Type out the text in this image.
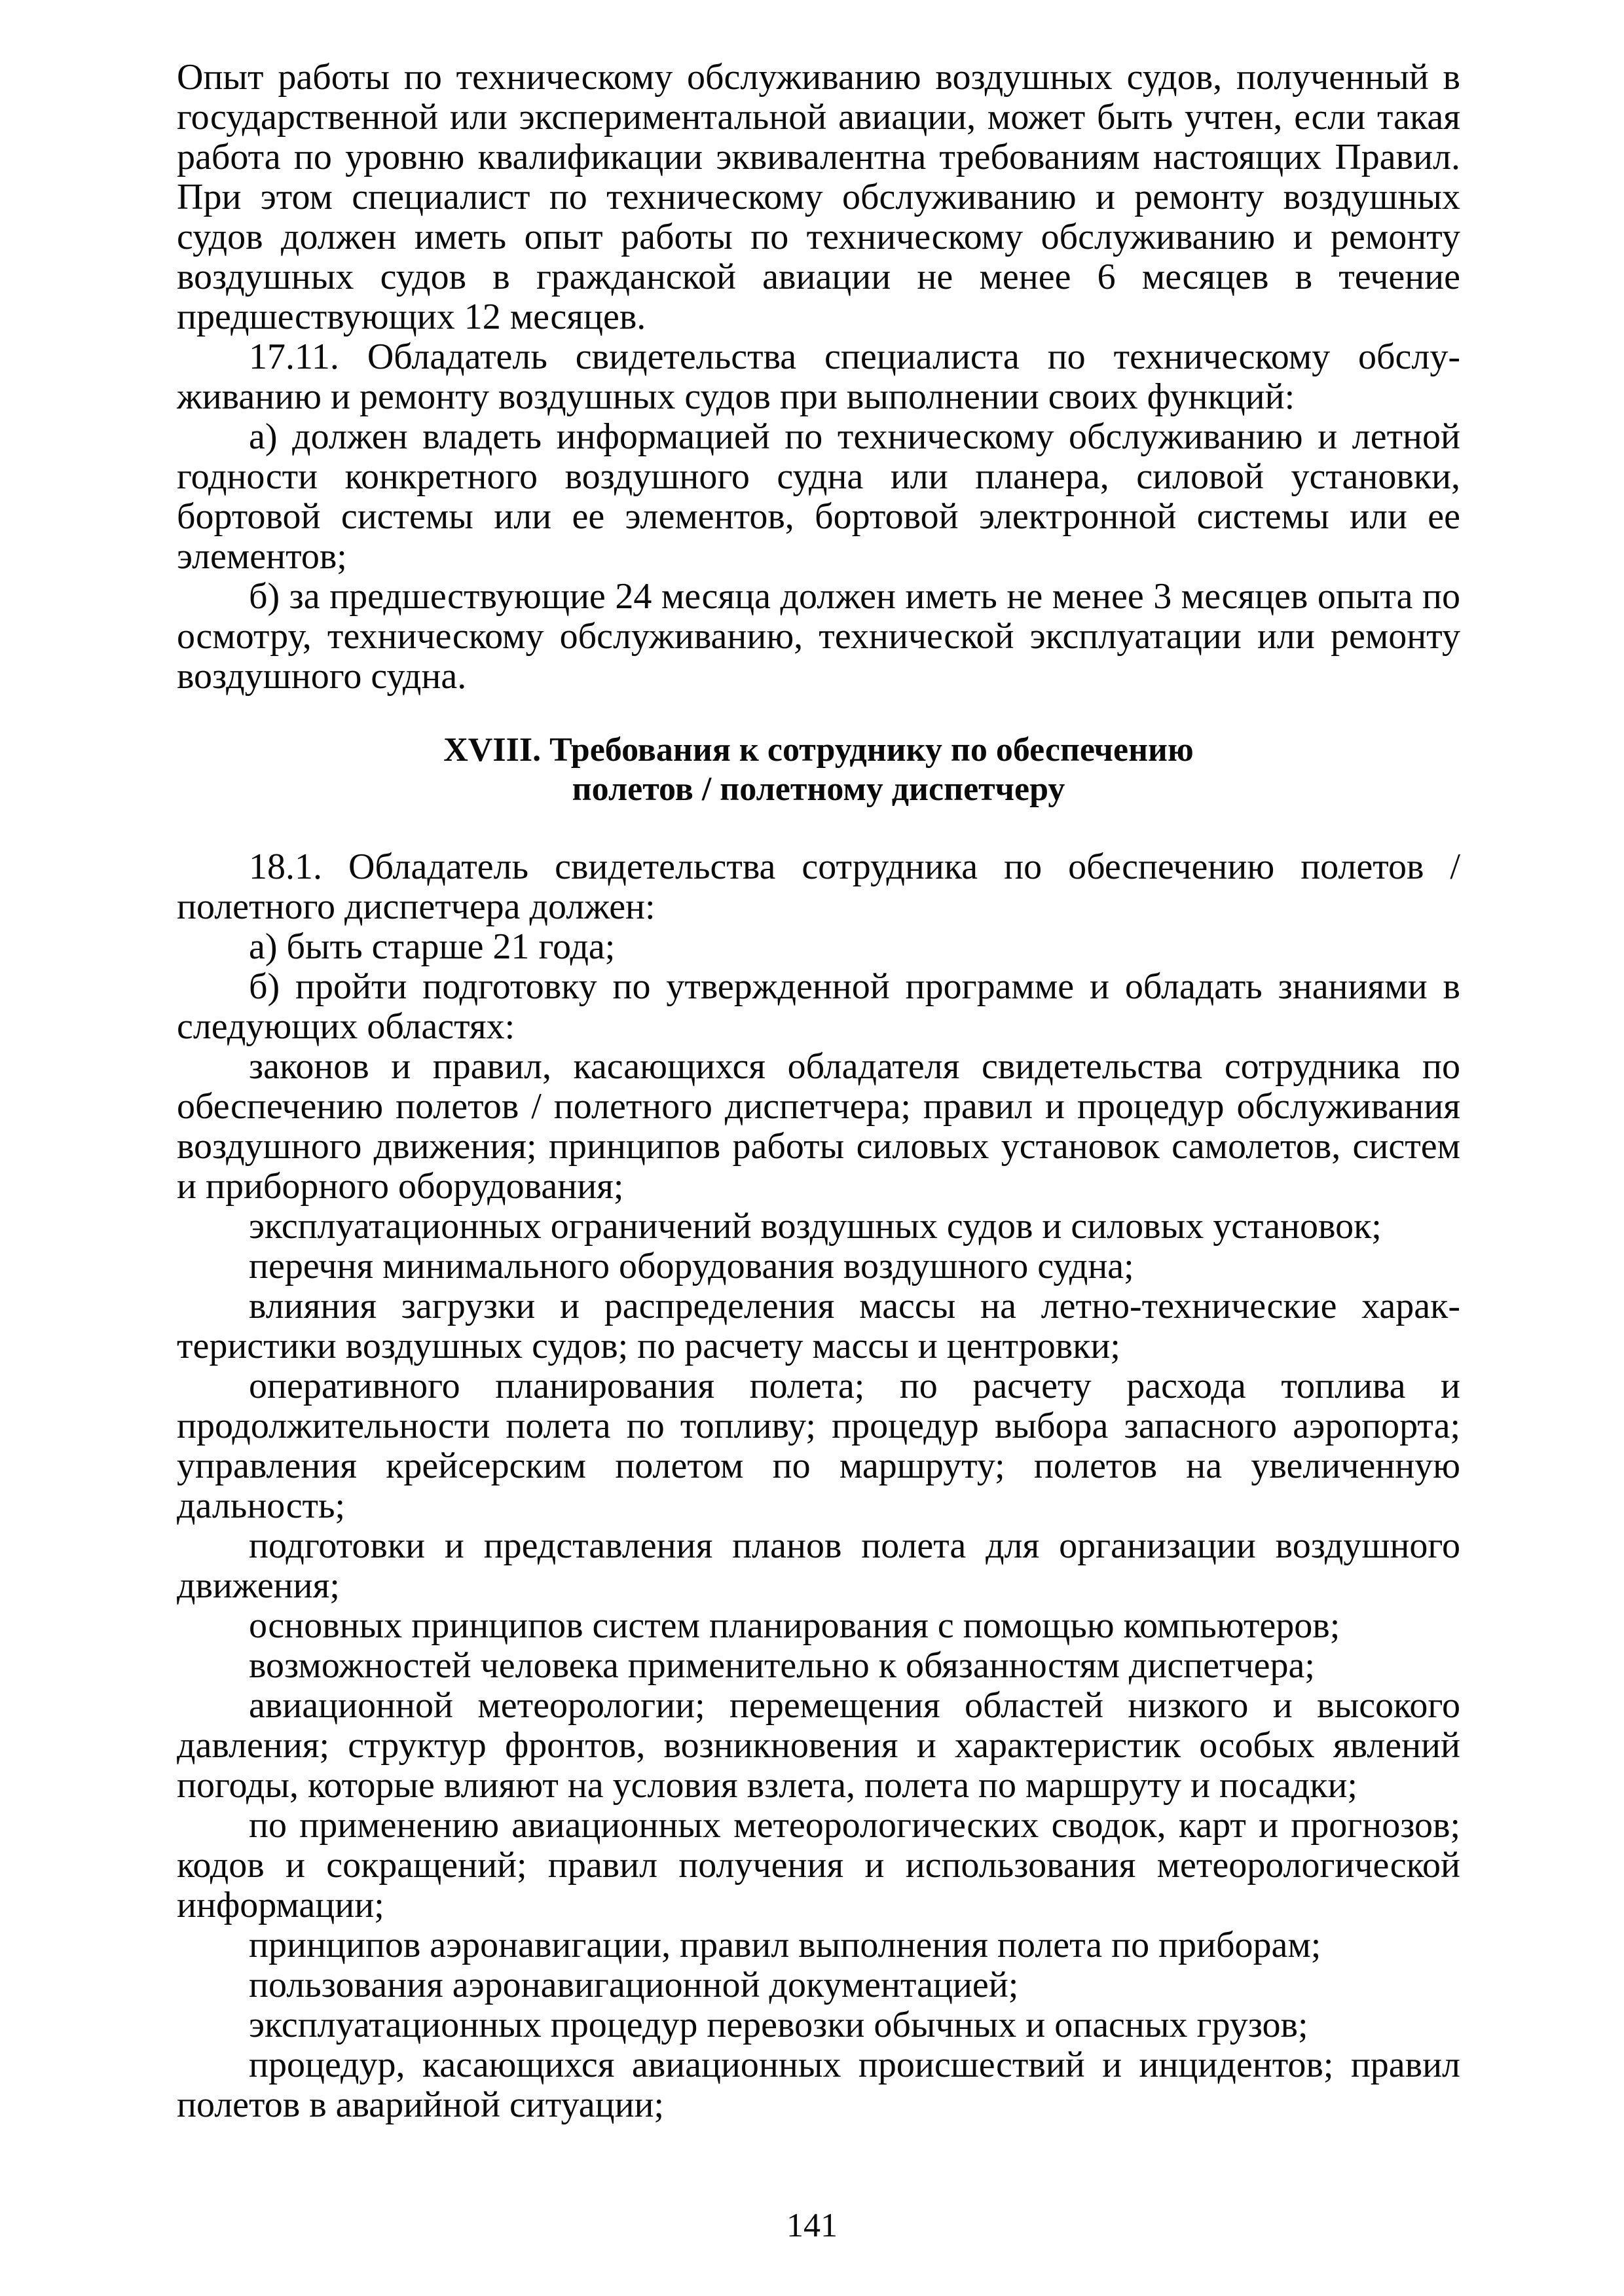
Опыт работы по техническому обслуживанию воздушных судов, полученный в государственной или экспериментальной авиации, может быть учтен, если такая работа по уровню квалификации эквивалентна требованиям настоящих Правил. При этом специалист по техническому обслуживанию и ремонту воздушных судов должен иметь опыт работы по техническому обслуживанию и ремонту воздушных судов в гражданской авиации не менее 6 месяцев в течение предшествующих 12 месяцев.

17.11. Обладатель свидетельства специалиста по техническому обслуживанию и ремонту воздушных судов при выполнении своих функций:

а) должен владеть информацией по техническому обслуживанию и летной годности конкретного воздушного судна или планера, силовой установки, бортовой системы или ее элементов, бортовой электронной системы или ее элементов;

б) за предшествующие 24 месяца должен иметь не менее 3 месяцев опыта по осмотру, техническому обслуживанию, технической эксплуатации или ремонту воздушного судна.

XVIII. Требования к сотруднику по обеспечению
полетов / полетному диспетчеру

18.1. Обладатель свидетельства сотрудника по обеспечению полетов / полетного диспетчера должен:

а) быть старше 21 года;

б) пройти подготовку по утвержденной программе и обладать знаниями в следующих областях:

законов и правил, касающихся обладателя свидетельства сотрудника по обеспечению полетов / полетного диспетчера; правил и процедур обслуживания воздушного движения; принципов работы силовых установок самолетов, систем и приборного оборудования;

эксплуатационных ограничений воздушных судов и силовых установок;

перечня минимального оборудования воздушного судна;

влияния загрузки и распределения массы на летно-технические характеристики воздушных судов; по расчету массы и центровки;

оперативного планирования полета; по расчету расхода топлива и продолжительности полета по топливу; процедур выбора запасного аэропорта; управления крейсерским полетом по маршруту; полетов на увеличенную дальность;

подготовки и представления планов полета для организации воздушного движения;

основных принципов систем планирования с помощью компьютеров;

возможностей человека применительно к обязанностям диспетчера;

авиационной метеорологии; перемещения областей низкого и высокого давления; структур фронтов, возникновения и характеристик особых явлений погоды, которые влияют на условия взлета, полета по маршруту и посадки;

по применению авиационных метеорологических сводок, карт и прогнозов; кодов и сокращений; правил получения и использования метеорологической информации;

принципов аэронавигации, правил выполнения полета по приборам;

пользования аэронавигационной документацией;

эксплуатационных процедур перевозки обычных и опасных грузов;

процедур, касающихся авиационных происшествий и инцидентов; правил полетов в аварийной ситуации;

141
